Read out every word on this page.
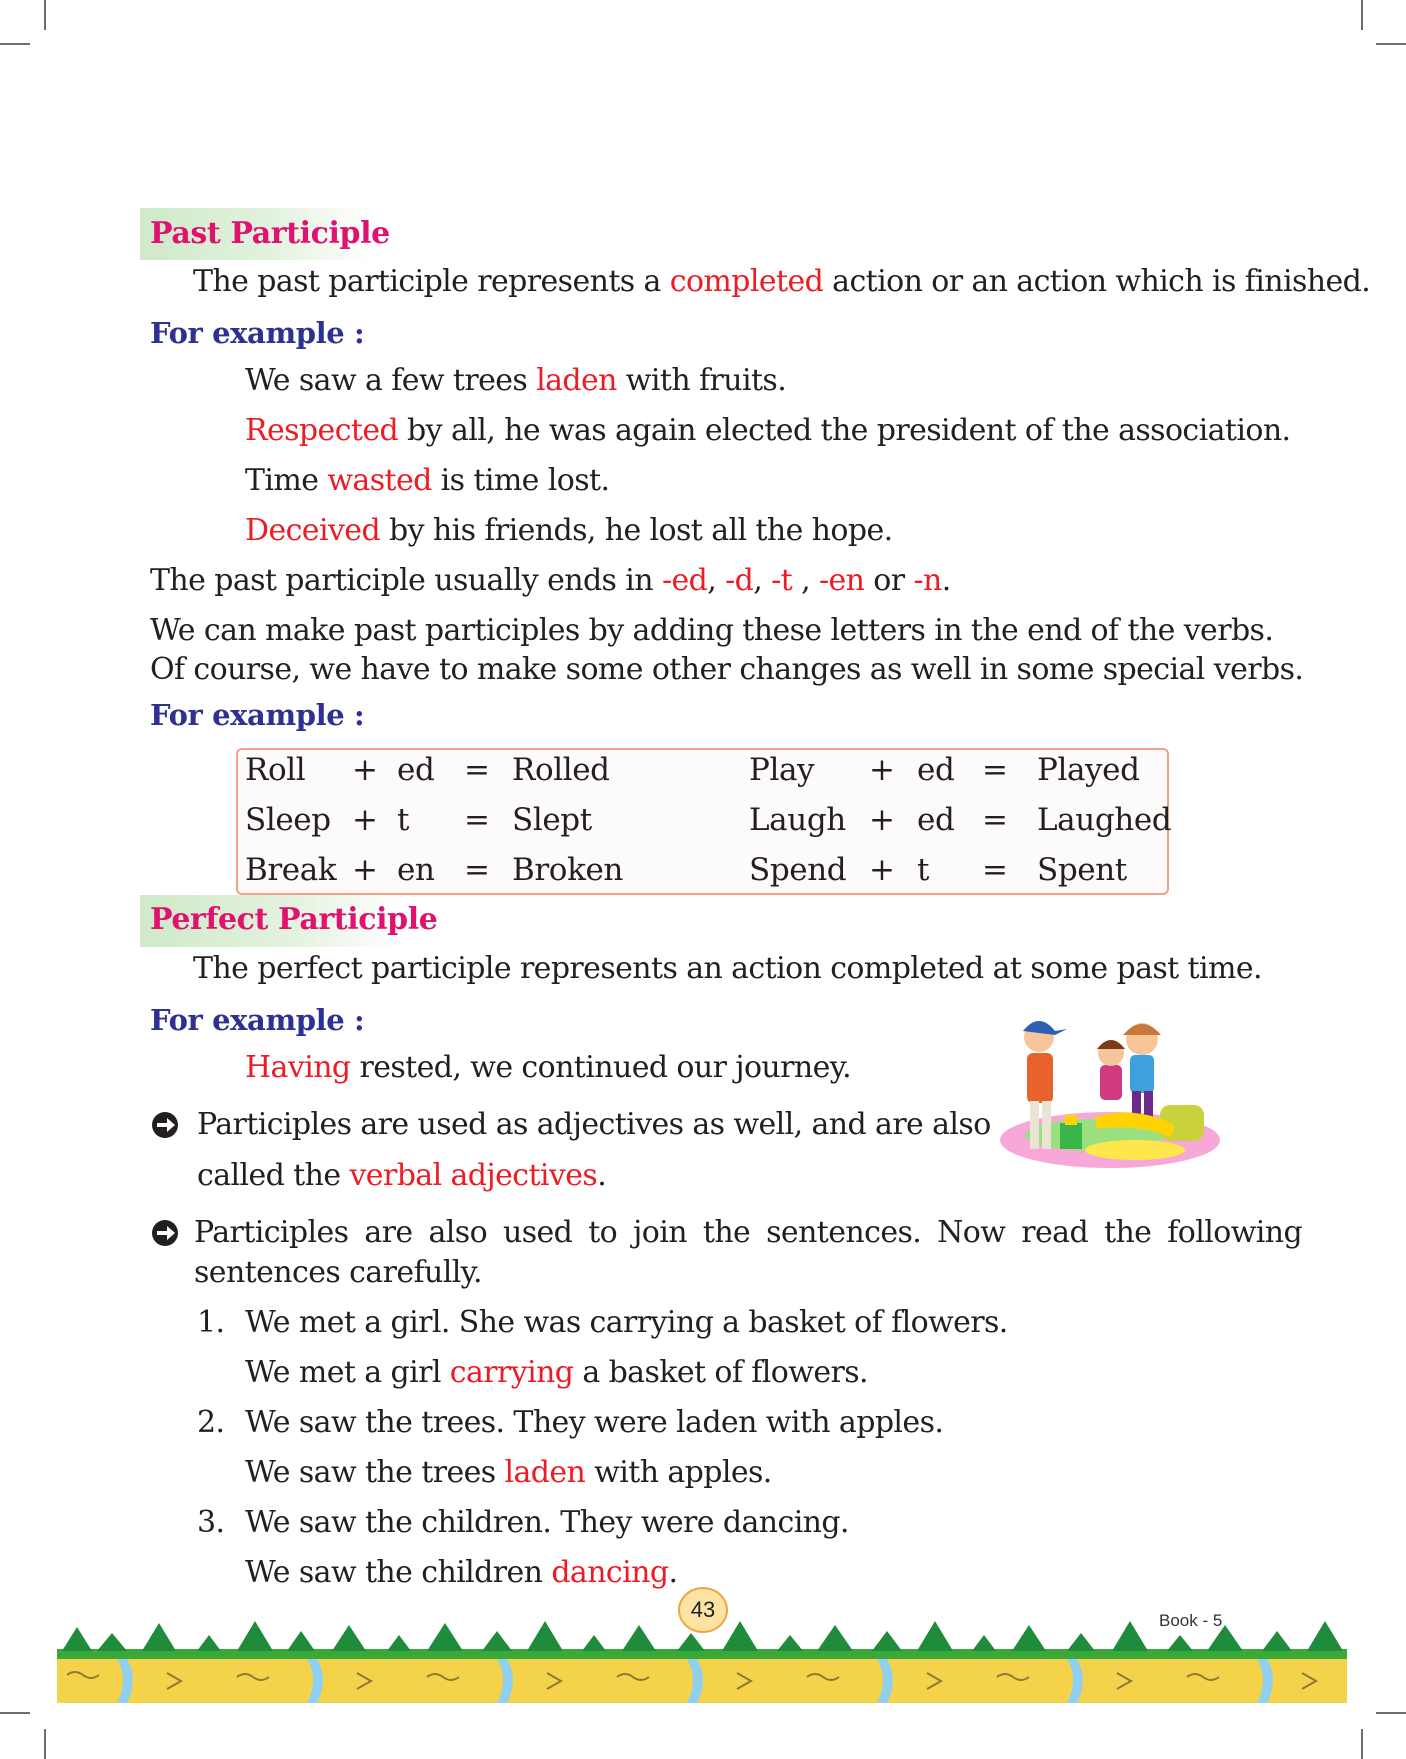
Past Participle
The past participle represents a completed action or an action which is finished.
For example :
We saw a few trees laden with fruits.
Respected by all, he was again elected the president of the association.
Time wasted is time lost.
Deceived by his friends, he lost all the hope.
The past participle usually ends in -ed, -d, -t , -en or -n.
We can make past participles by adding these letters in the end of the verbs.
Of course, we have to make some other changes as well in some special verbs.
For example :
Roll + ed = Rolled	Play + ed = Played
Sleep + t = Slept	Laugh + ed = Laughed
Break + en = Broken	Spend + t = Spent
Perfect Participle
The perfect participle represents an action completed at some past time.
For example :
Having rested, we continued our journey.
Participles are used as adjectives as well, and are also
called the verbal adjectives.
Participles are also used to join the sentences. Now read the following
sentences carefully.
1. We met a girl. She was carrying a basket of flowers.
We met a girl carrying a basket of flowers.
2. We saw the trees. They were laden with apples.
We saw the trees laden with apples.
3. We saw the children. They were dancing.
We saw the children dancing.
43	Book - 5
